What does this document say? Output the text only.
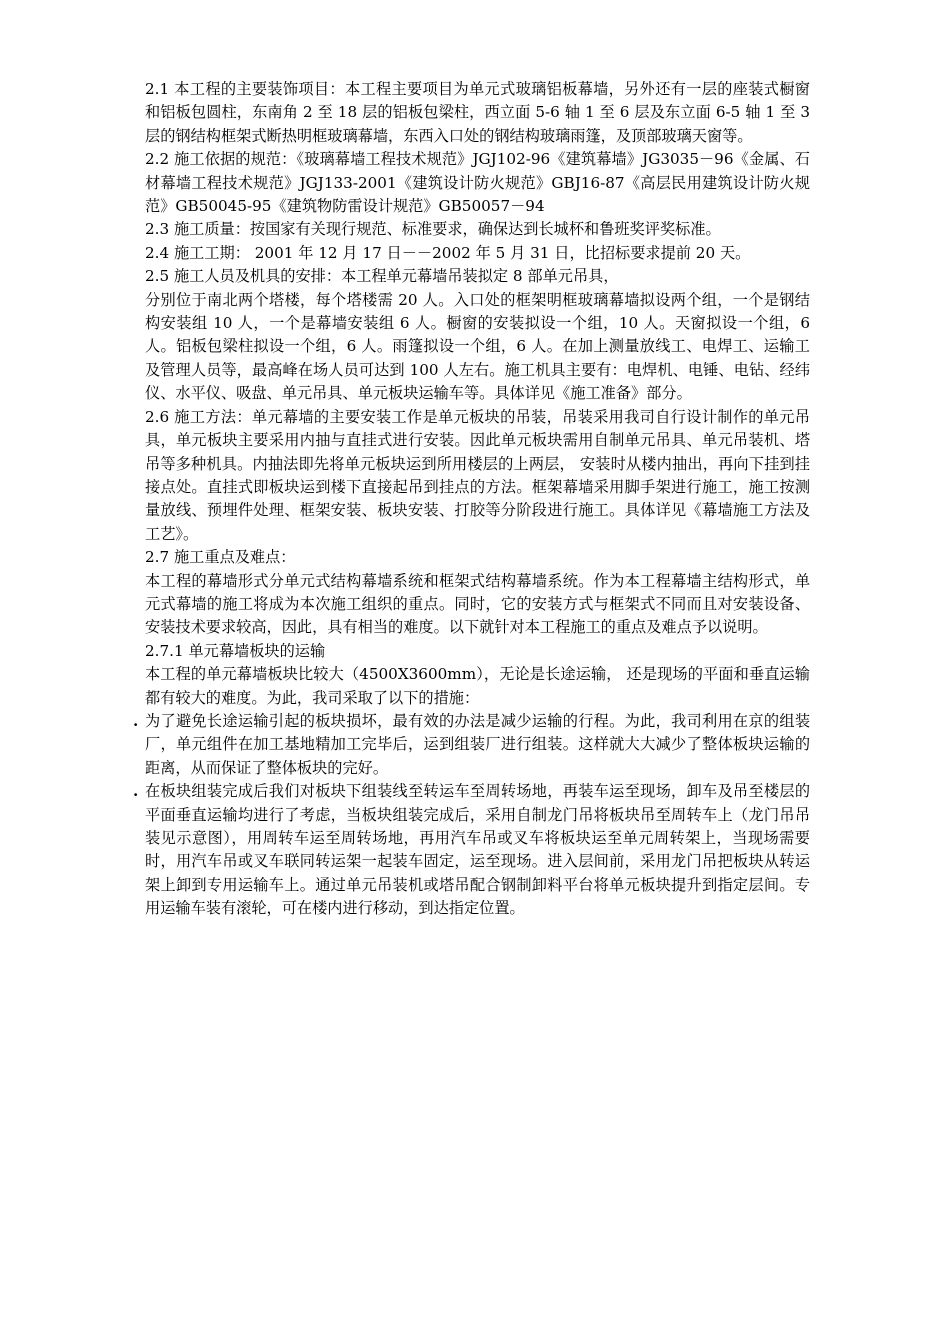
2.1 本工程的主要装饰项目：本工程主要项目为单元式玻璃铝板幕墙，另外还有一层的座装式橱窗和铝板包圆柱，东南角 2 至 18 层的铝板包梁柱，西立面 5-6 轴 1 至 6 层及东立面 6-5 轴 1 至 3 层的钢结构框架式断热明框玻璃幕墙，东西入口处的钢结构玻璃雨篷，及顶部玻璃天窗等。

2.2 施工依据的规范：《玻璃幕墙工程技术规范》JGJ102-96《建筑幕墙》JG3035－96《金属、石材幕墙工程技术规范》JGJ133-2001《建筑设计防火规范》GBJ16-87《高层民用建筑设计防火规范》GB50045-95《建筑物防雷设计规范》GB50057－94

2.3 施工质量：按国家有关现行规范、标准要求，确保达到长城杯和鲁班奖评奖标准。

2.4 施工工期： 2001 年 12 月 17 日－－2002 年 5 月 31 日，比招标要求提前 20 天。

2.5 施工人员及机具的安排：本工程单元幕墙吊装拟定 8 部单元吊具，

分别位于南北两个塔楼，每个塔楼需 20 人。入口处的框架明框玻璃幕墙拟设两个组，一个是钢结构安装组 10 人，一个是幕墙安装组 6 人。橱窗的安装拟设一个组，10 人。天窗拟设一个组，6 人。铝板包梁柱拟设一个组，6 人。雨篷拟设一个组，6 人。在加上测量放线工、电焊工、运输工及管理人员等，最高峰在场人员可达到 100 人左右。施工机具主要有：电焊机、电锤、电钻、经纬仪、水平仪、吸盘、单元吊具、单元板块运输车等。具体详见《施工准备》部分。

2.6 施工方法：单元幕墙的主要安装工作是单元板块的吊装，吊装采用我司自行设计制作的单元吊具，单元板块主要采用内抽与直挂式进行安装。因此单元板块需用自制单元吊具、单元吊装机、塔吊等多种机具。内抽法即先将单元板块运到所用楼层的上两层， 安装时从楼内抽出，再向下挂到挂接点处。直挂式即板块运到楼下直接起吊到挂点的方法。框架幕墙采用脚手架进行施工，施工按测量放线、预埋件处理、框架安装、板块安装、打胶等分阶段进行施工。具体详见《幕墙施工方法及工艺》。

2.7 施工重点及难点：

本工程的幕墙形式分单元式结构幕墙系统和框架式结构幕墙系统。作为本工程幕墙主结构形式，单元式幕墙的施工将成为本次施工组织的重点。同时，它的安装方式与框架式不同而且对安装设备、安装技术要求较高，因此，具有相当的难度。以下就针对本工程施工的重点及难点予以说明。

2.7.1 单元幕墙板块的运输

本工程的单元幕墙板块比较大（4500X3600mm），无论是长途运输， 还是现场的平面和垂直运输都有较大的难度。为此，我司采取了以下的措施：

. 为了避免长途运输引起的板块损坏，最有效的办法是减少运输的行程。为此，我司利用在京的组装厂，单元组件在加工基地精加工完毕后，运到组装厂进行组装。这样就大大减少了整体板块运输的距离，从而保证了整体板块的完好。

. 在板块组装完成后我们对板块下组装线至转运车至周转场地，再装车运至现场，卸车及吊至楼层的平面垂直运输均进行了考虑，当板块组装完成后，采用自制龙门吊将板块吊至周转车上（龙门吊吊装见示意图），用周转车运至周转场地，再用汽车吊或叉车将板块运至单元周转架上，当现场需要时，用汽车吊或叉车联同转运架一起装车固定，运至现场。进入层间前，采用龙门吊把板块从转运架上卸到专用运输车上。通过单元吊装机或塔吊配合钢制卸料平台将单元板块提升到指定层间。专用运输车装有滚轮，可在楼内进行移动，到达指定位置。
